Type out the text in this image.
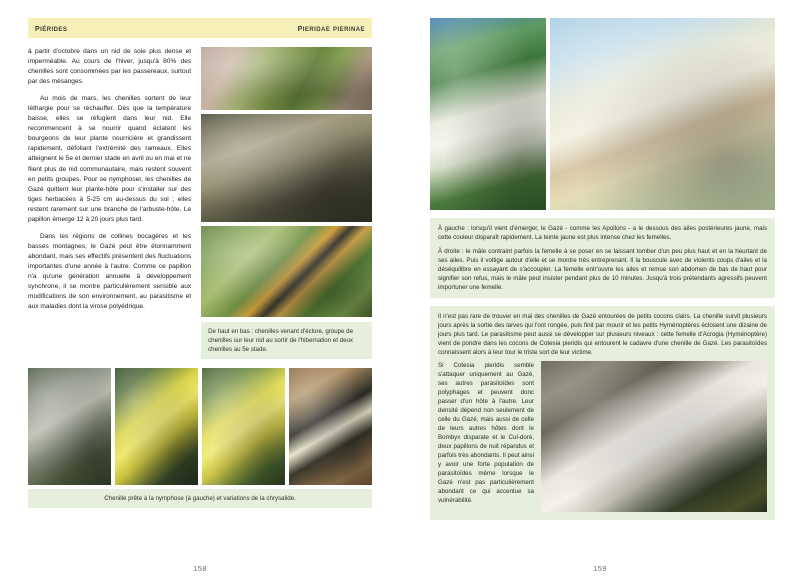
piérides	pieridae pierinae

à partir d'octobre dans un nid de soie plus dense et imperméable. Au cours de l'hiver, jusqu'à 80% des chenilles sont consommées par les passereaux, surtout par des mésanges.

Au mois de mars, les chenilles sortent de leur léthargie pour se réchauffer. Dès que la température baisse, elles se réfugient dans leur nid. Elle recommencent à se nourrir quand éclatent les bourgeons de leur plante nourricière et grandissent rapidement, défoliant l'extrémité des rameaux. Elles atteignent le 5e et dernier stade en avril ou en mai et ne filent plus de nid communautaire, mais restent souvent en petits groupes. Pour se nymphoser, les chenilles de Gazé quittent leur plante-hôte pour s'installer sur des tiges herbacées à 5-25 cm au-dessus du sol ; elles restent rarement sur une branche de l'arbuste-hôte. Le papillon émerge 12 à 20 jours plus tard.

Dans les régions de collines bocagères et les basses montagnes, le Gazé peut être étonnamment abondant, mais ses effectifs présentent des fluctuations importantes d'une année à l'autre. Comme ce papillon n'a qu'une génération annuelle à développement synchrone, il se montre particulièrement sensible aux modifications de son environnement, au parasitisme et aux maladies dont la virose polyédrique.

De haut en bas : chenilles venant d'éclore, groupe de chenilles sur leur nid au sortir de l'hibernation et deux chenilles au 5e stade.
Chenille prête à la nymphose (à gauche) et variations de la chrysalide.

À gauche : lorsqu'il vient d'émerger, le Gazé - comme les Apollons - a le dessous des ailes postérieures jaune, mais cette couleur disparaît rapidement. La teinte jaune est plus intense chez les femelles.

À droite : le mâle contraint parfois la femelle à se poser en se laissant tomber d'un peu plus haut et en la heurtant de ses ailes. Puis il voltige autour d'elle et se montre très entreprenant. Il la bouscule avec de violents coups d'ailes et la déséquilibre en essayant de s'accoupler. La femelle entr'ouvre les ailes et remue son abdomen de bas de haut pour signifier son refus, mais le mâle peut insister pendant plus de 10 minutes. Jusqu'à trois prétendants agressifs peuvent importuner une femelle.

Il n'est pas rare de trouver en mai des chenilles de Gazé entourées de petits cocons clairs. La chenille survit plusieurs jours après la sortie des larves qui l'ont rongée, puis finit par mourir et les petits Hyménoptères éclosent une dizaine de jours plus tard. Le parasitisme peut aussi se développer sur plusieurs niveaux : cette femelle d'Acrogia (Hyménoptère) vient de pondre dans les cocons de Cotesia pieridis qui entourent le cadavre d'une chenille de Gazé. Les parasitoïdes connaissent alors à leur tour le triste sort de leur victime.

Si Cotesia pieridis semble s'attaquer uniquement au Gazé, ses autres parasitoïdes sont polyphages et peuvent donc passer d'un hôte à l'autre. Leur densité dépend non seulement de celle du Gazé, mais aussi de celle de leurs autres hôtes dont le Bombyx disparate et le Cul-doré, deux papillons de nuit répandus et parfois très abondants. Il peut ainsi y avoir une forte population de parasitoïdes même lorsque le Gazé n'est pas particulièrement abondant ce qui accentue sa vulnérabilité.
158	159
